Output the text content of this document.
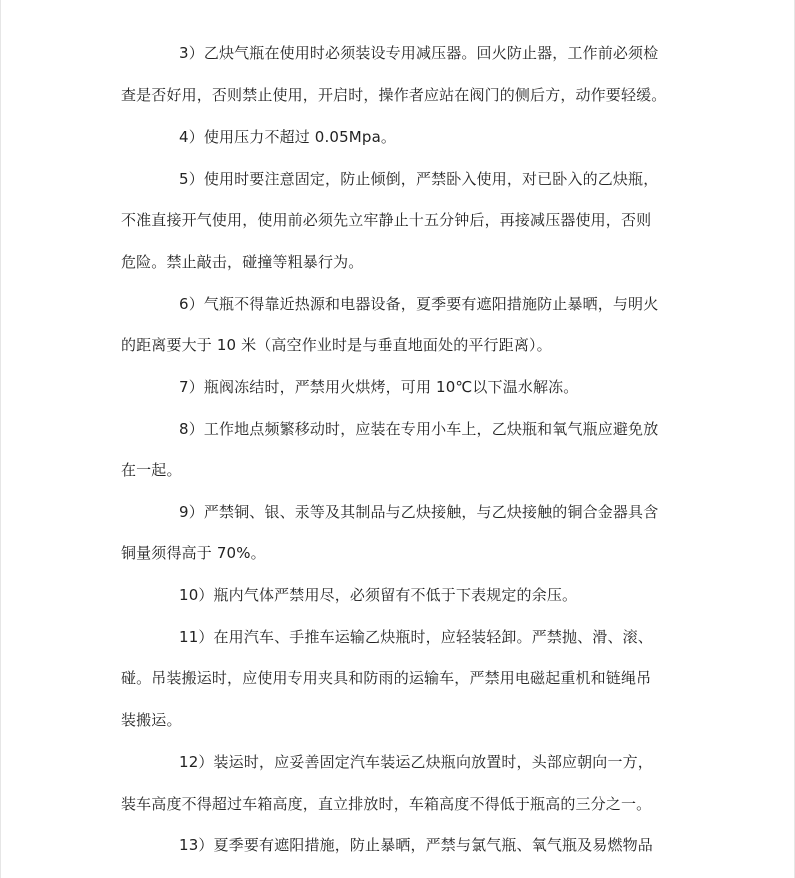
3）乙炔气瓶在使用时必须装设专用减压器。回火防止器，工作前必须检
查是否好用，否则禁止使用，开启时，操作者应站在阀门的侧后方，动作要轻缓。
4）使用压力不超过 0.05Mpa。
5）使用时要注意固定，防止倾倒，严禁卧入使用，对已卧入的乙炔瓶，
不准直接开气使用，使用前必须先立牢静止十五分钟后，再接减压器使用，否则
危险。禁止敲击，碰撞等粗暴行为。
6）气瓶不得靠近热源和电器设备，夏季要有遮阳措施防止暴晒，与明火
的距离要大于 10 米（高空作业时是与垂直地面处的平行距离）。
7）瓶阀冻结时，严禁用火烘烤，可用 10℃以下温水解冻。
8）工作地点频繁移动时，应装在专用小车上，乙炔瓶和氧气瓶应避免放
在一起。
9）严禁铜、银、汞等及其制品与乙炔接触，与乙炔接触的铜合金器具含
铜量须得高于 70%。
10）瓶内气体严禁用尽，必须留有不低于下表规定的余压。
11）在用汽车、手推车运输乙炔瓶时，应轻装轻卸。严禁抛、滑、滚、
碰。吊装搬运时，应使用专用夹具和防雨的运输车，严禁用电磁起重机和链绳吊
装搬运。
12）装运时，应妥善固定汽车装运乙炔瓶向放置时，头部应朝向一方，
装车高度不得超过车箱高度，直立排放时，车箱高度不得低于瓶高的三分之一。
13）夏季要有遮阳措施，防止暴晒，严禁与氯气瓶、氧气瓶及易燃物品
